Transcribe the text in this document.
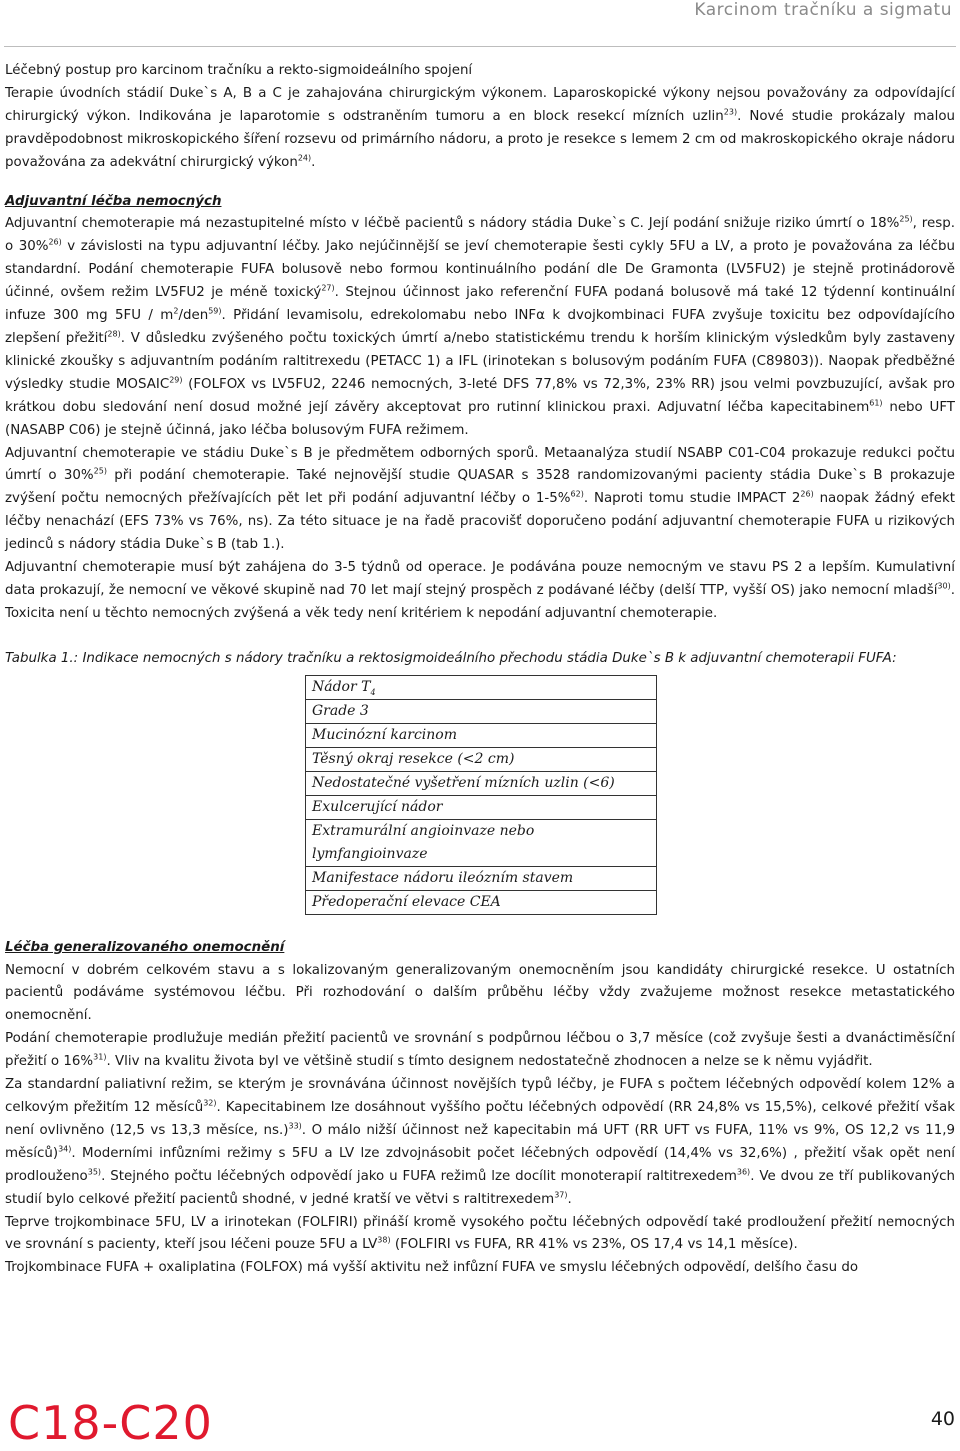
Karcinom tračníku a sigmatu

Léčebný postup pro karcinom tračníku a rekto-sigmoideálního spojení

Terapie úvodních stádií Duke`s A, B a C je zahajována chirurgickým výkonem. Laparoskopické výkony nejsou považovány za odpovídající chirurgický výkon. Indikována je laparotomie s odstraněním tumoru a en block resekcí mízních uzlin$^{23)}$. Nové studie prokázaly malou pravděpodobnost mikroskopického šíření rozsevu od primárního nádoru, a proto je resekce s lemem 2 cm od makroskopického okraje nádoru považována za adekvátní chirurgický výkon$^{24)}$.

Adjuvantní léčba nemocných

Adjuvantní chemoterapie má nezastupitelné místo v léčbě pacientů s nádory stádia Duke`s C. Její podání snižuje riziko úmrtí o 18%$^{25)}$, resp. o 30%$^{26)}$ v závislosti na typu adjuvantní léčby. Jako nejúčinnější se jeví chemoterapie šesti cykly 5FU a LV, a proto je považována za léčbu standardní. Podání chemoterapie FUFA bolusově nebo formou kontinuálního podání dle De Gramonta (LV5FU2) je stejně protinádorově účinné, ovšem režim LV5FU2 je méně toxický$^{27)}$. Stejnou účinnost jako referenční FUFA podaná bolusově má také 12 týdenní kontinuální infuze 300 mg $5FU / m^2/den^{59)}$. Přidání levamisolu, edrekolomabu nebo INFα k dvojkombinaci FUFA zvyšuje toxicitu bez odpovídajícího zlepšení přežití$^{28)}$. V důsledku zvýšeného počtu toxických úmrtí a/nebo statistickému trendu k horším klinickým výsledkům byly zastaveny klinické zkoušky s adjuvantním podáním raltitrexedu (PETACC 1) a IFL (irinotekan s bolusovým podáním FUFA (C89803)). Naopak předběžné výsledky studie MOSAIC$^{29)}$ (FOLFOX vs LV5FU2, 2246 nemocných, 3-leté DFS 77,8% vs 72,3%, 23% RR) jsou velmi povzbuzující, avšak pro krátkou dobu sledování není dosud možné její závěry akceptovat pro rutinní klinickou praxi. Adjuvatní léčba kapecitabinem$^{61)}$ nebo UFT (NASABP C06) je stejně účinná, jako léčba bolusovým FUFA režimem.

Adjuvantní chemoterapie ve stádiu Duke`s B je předmětem odborných sporů. Metaanalýza studií NSABP C01-C04 prokazuje redukci počtu úmrtí o 30%$^{25)}$ při podání chemoterapie. Také nejnovější studie QUASAR s 3528 randomizovanými pacienty stádia Duke`s B prokazuje zvýšení počtu nemocných přežívajících pět let při podání adjuvantní léčby o 1-5%$^{62)}$. Naproti tomu studie IMPACT 2$^{26)}$ naopak žádný efekt léčby nenachází (EFS 73% vs 76%, ns). Za této situace je na řadě pracovišť doporučeno podání adjuvantní chemoterapie FUFA u rizikových jedinců s nádory stádia Duke`s B (tab 1.).

Adjuvantní chemoterapie musí být zahájena do 3-5 týdnů od operace. Je podávána pouze nemocným ve stavu PS 2 a lepším. Kumulativní data prokazují, že nemocní ve věkové skupině nad 70 let mají stejný prospěch z podávané léčby (delší TTP, vyšší OS) jako nemocní mladší$^{30)}$. Toxicita není u těchto nemocných zvýšená a věk tedy není kritériem k nepodání adjuvantní chemoterapie.

Tabulka 1.: Indikace nemocných s nádory tračníku a rektosigmoideálního přechodu stádia Duke`s B k adjuvantní chemoterapii FUFA:

Nádor $T_4$
Grade 3
Mucinózní karcinom
Těsný okraj resekce (<2 cm)
Nedostatečné vyšetření mízních uzlin (<6)
Exulcerující nádor
Extramurální angioinvaze nebo lymfangioinvaze
Manifestace nádoru ileózním stavem
Předoperační elevace CEA

Léčba generalizovaného onemocnění

Nemocní v dobrém celkovém stavu a s lokalizovaným generalizovaným onemocněním jsou kandidáty chirurgické resekce. U ostatních pacientů podáváme systémovou léčbu. Při rozhodování o dalším průběhu léčby vždy zvažujeme možnost resekce metastatického onemocnění.

Podání chemoterapie prodlužuje medián přežití pacientů ve srovnání s podpůrnou léčbou o 3,7 měsíce (což zvyšuje šesti a dvanáctiměsíční přežití o 16%$^{31)}$. Vliv na kvalitu života byl ve většině studií s tímto designem nedostatečně zhodnocen a nelze se k němu vyjádřit.

Za standardní paliativní režim, se kterým je srovnávána účinnost novějších typů léčby, je FUFA s počtem léčebných odpovědí kolem 12% a celkovým přežitím 12 měsíců$^{32)}$. Kapecitabinem lze dosáhnout vyššího počtu léčebných odpovědí (RR 24,8% vs 15,5%), celkové přežití však není ovlivněno (12,5 vs 13,3 měsíce, ns.)$^{33)}$. O málo nižší účinnost než kapecitabin má UFT (RR UFT vs FUFA, 11% vs 9%, OS 12,2 vs 11,9 měsíců)$^{34)}$. Moderními infůzními režimy s 5FU a LV lze zdvojnásobit počet léčebných odpovědí (14,4% vs 32,6%) , přežití však opět není prodlouženo$^{35)}$. Stejného počtu léčebných odpovědí jako u FUFA režimů lze docílit monoterapií raltitrexedem$^{36)}$. Ve dvou ze tří publikovaných studií bylo celkové přežití pacientů shodné, v jedné kratší ve větvi s raltitrexedem$^{37)}$.

Teprve trojkombinace 5FU, LV a irinotekan (FOLFIRI) přináší kromě vysokého počtu léčebných odpovědí také prodloužení přežití nemocných ve srovnání s pacienty, kteří jsou léčeni pouze 5FU a LV$^{38)}$ (FOLFIRI vs FUFA, RR 41% vs 23%, OS 17,4 vs 14,1 měsíce).

Trojkombinace FUFA + oxaliplatina (FOLFOX) má vyšší aktivitu než infůzní FUFA ve smyslu léčebných odpovědí, delšího času do

C18-C20	40
